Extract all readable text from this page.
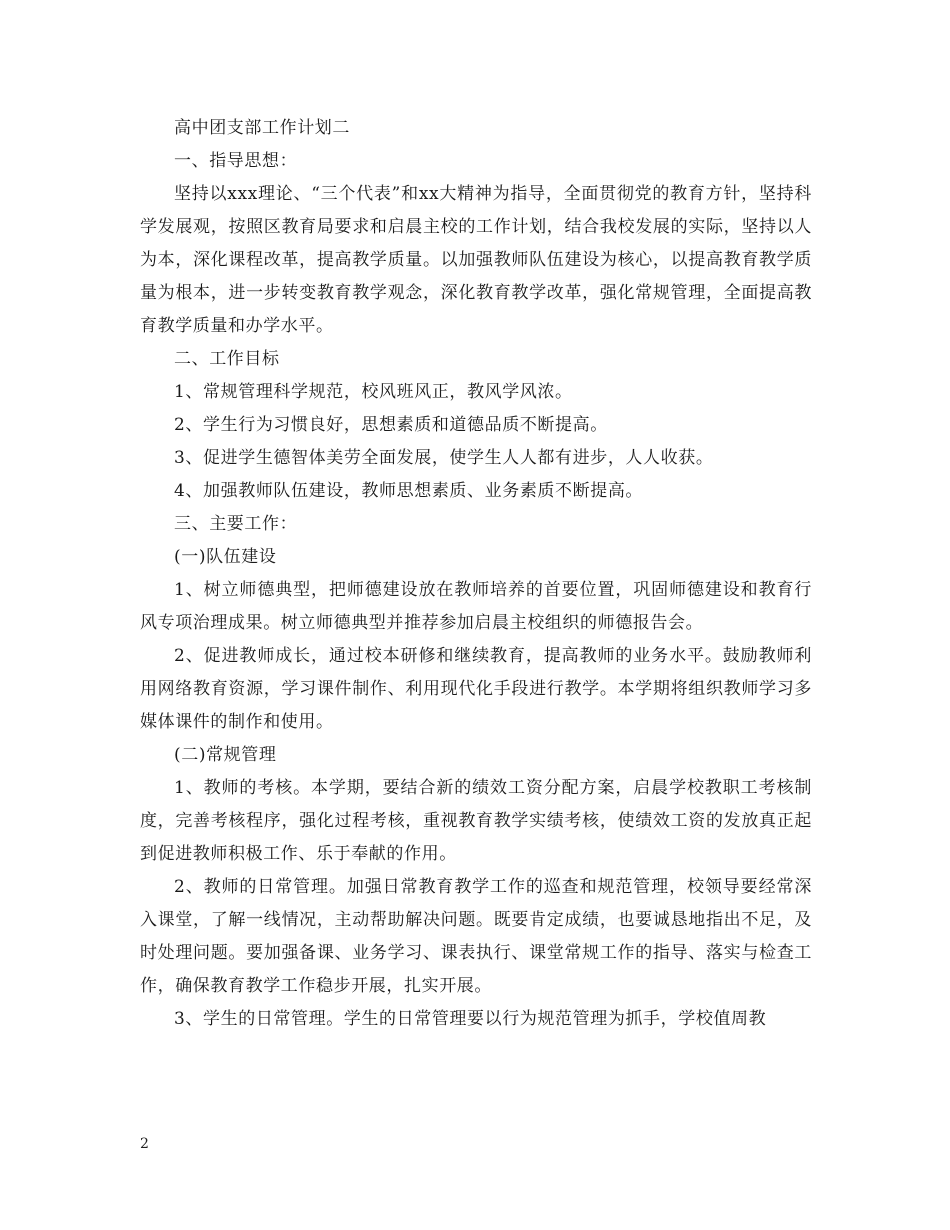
高中团支部工作计划二

一、指导思想：

坚持以xxx理论、“三个代表”和xx大精神为指导，全面贯彻党的教育方针，坚持科学发展观，按照区教育局要求和启晨主校的工作计划，结合我校发展的实际，坚持以人为本，深化课程改革，提高教学质量。以加强教师队伍建设为核心，以提高教育教学质量为根本，进一步转变教育教学观念，深化教育教学改革，强化常规管理，全面提高教育教学质量和办学水平。

二、工作目标

1、常规管理科学规范，校风班风正，教风学风浓。

2、学生行为习惯良好，思想素质和道德品质不断提高。

3、促进学生德智体美劳全面发展，使学生人人都有进步，人人收获。

4、加强教师队伍建设，教师思想素质、业务素质不断提高。

三、主要工作：

(一)队伍建设

1、树立师德典型，把师德建设放在教师培养的首要位置，巩固师德建设和教育行风专项治理成果。树立师德典型并推荐参加启晨主校组织的师德报告会。

2、促进教师成长，通过校本研修和继续教育，提高教师的业务水平。鼓励教师利用网络教育资源，学习课件制作、利用现代化手段进行教学。本学期将组织教师学习多媒体课件的制作和使用。

(二)常规管理

1、教师的考核。本学期，要结合新的绩效工资分配方案，启晨学校教职工考核制度，完善考核程序，强化过程考核，重视教育教学实绩考核，使绩效工资的发放真正起到促进教师积极工作、乐于奉献的作用。

2、教师的日常管理。加强日常教育教学工作的巡查和规范管理，校领导要经常深入课堂，了解一线情况，主动帮助解决问题。既要肯定成绩，也要诚恳地指出不足，及时处理问题。要加强备课、业务学习、课表执行、课堂常规工作的指导、落实与检查工作，确保教育教学工作稳步开展，扎实开展。

3、学生的日常管理。学生的日常管理要以行为规范管理为抓手，学校值周教

2
